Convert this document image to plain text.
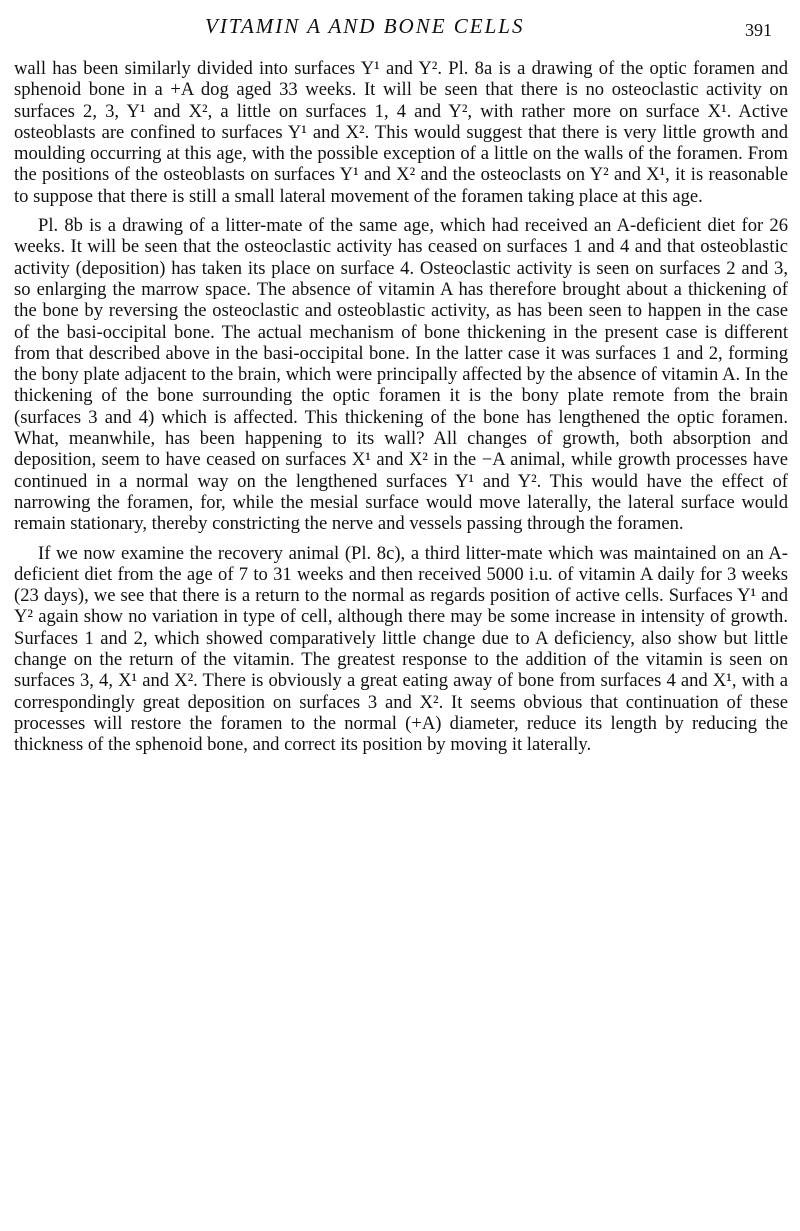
VITAMIN A AND BONE CELLS	391

wall has been similarly divided into surfaces Y¹ and Y². Pl. 8a is a drawing of the optic foramen and sphenoid bone in a +A dog aged 33 weeks. It will be seen that there is no osteoclastic activity on surfaces 2, 3, Y¹ and X², a little on surfaces 1, 4 and Y², with rather more on surface X¹. Active osteoblasts are confined to surfaces Y¹ and X². This would suggest that there is very little growth and moulding occurring at this age, with the possible exception of a little on the walls of the foramen. From the positions of the osteoblasts on surfaces Y¹ and X² and the osteoclasts on Y² and X¹, it is reasonable to suppose that there is still a small lateral movement of the foramen taking place at this age.

Pl. 8b is a drawing of a litter-mate of the same age, which had received an A-deficient diet for 26 weeks. It will be seen that the osteoclastic activity has ceased on surfaces 1 and 4 and that osteoblastic activity (deposition) has taken its place on surface 4. Osteoclastic activity is seen on surfaces 2 and 3, so enlarging the marrow space. The absence of vitamin A has therefore brought about a thickening of the bone by reversing the osteoclastic and osteoblastic activity, as has been seen to happen in the case of the basi-occipital bone. The actual mechanism of bone thickening in the present case is different from that described above in the basi-occipital bone. In the latter case it was surfaces 1 and 2, forming the bony plate adjacent to the brain, which were principally affected by the absence of vitamin A. In the thickening of the bone surrounding the optic foramen it is the bony plate remote from the brain (surfaces 3 and 4) which is affected. This thickening of the bone has lengthened the optic foramen. What, meanwhile, has been happening to its wall? All changes of growth, both absorption and deposition, seem to have ceased on surfaces X¹ and X² in the −A animal, while growth processes have continued in a normal way on the lengthened surfaces Y¹ and Y². This would have the effect of narrowing the foramen, for, while the mesial surface would move laterally, the lateral surface would remain stationary, thereby constricting the nerve and vessels passing through the foramen.

If we now examine the recovery animal (Pl. 8c), a third litter-mate which was maintained on an A-deficient diet from the age of 7 to 31 weeks and then received 5000 i.u. of vitamin A daily for 3 weeks (23 days), we see that there is a return to the normal as regards position of active cells. Surfaces Y¹ and Y² again show no variation in type of cell, although there may be some increase in intensity of growth. Surfaces 1 and 2, which showed comparatively little change due to A deficiency, also show but little change on the return of the vitamin. The greatest response to the addition of the vitamin is seen on surfaces 3, 4, X¹ and X². There is obviously a great eating away of bone from surfaces 4 and X¹, with a correspondingly great deposition on surfaces 3 and X². It seems obvious that continuation of these processes will restore the foramen to the normal (+A) diameter, reduce its length by reducing the thickness of the sphenoid bone, and correct its position by moving it laterally.
